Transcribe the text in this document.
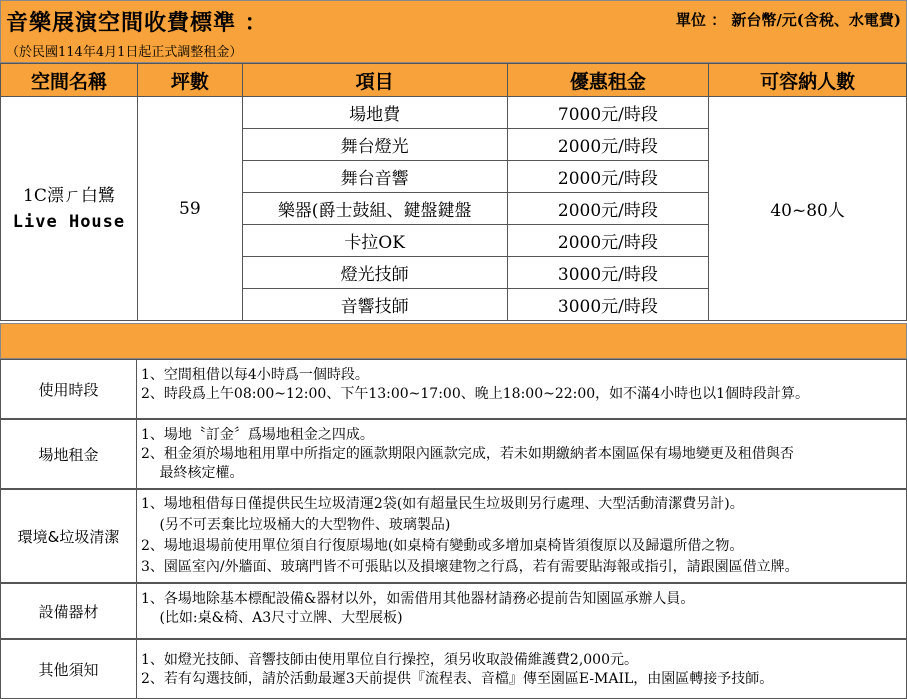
音樂展演空間收費標準 ：
（於民國114年4月1日起正式調整租金）
空間名稱	坪數	項目	優惠租金	可容納人數

1C漂ㄏ白鷺
Live House	59	場地費	7000元/時段	40~80人
		舞台燈光	2000元/時段	
		舞台音響	2000元/時段	
		樂器(爵士鼓組、鍵盤鍵盤	2000元/時段	
		卡拉OK	2000元/時段	
		燈光技師	3000元/時段	
		音響技師	3000元/時段	
單位 ： 新台幣/元(含稅、水電費)
使用時段
1、空間租借以每4小時爲一個時段。
2、時段爲上午08:00~12:00、下午13:00~17:00、晚上18:00~22:00，如不滿4小時也以1個時段計算。
場地租金
1、場地〝訂金〞爲場地租金之四成。
2、租金須於場地租用單中所指定的匯款期限內匯款完成，若未如期繳納者本園區保有場地變更及租借與否
　 最終核定權。
環境&垃圾清潔
1、場地租借每日僅提供民生垃圾清運2袋(如有超量民生垃圾則另行處理、大型活動清潔費另計)。
　 (另不可丟棄比垃圾桶大的大型物件、玻璃製品)
2、場地退場前使用單位須自行復原場地(如桌椅有變動或多增加桌椅皆須復原以及歸還所借之物。
3、園區室內/外牆面、玻璃門皆不可張貼以及損壞建物之行爲，若有需要貼海報或指引，請跟園區借立牌。
設備器材
1、各場地除基本標配設備&器材以外，如需借用其他器材請務必提前告知園區承辦人員。
　 (比如:桌&椅、A3尺寸立牌、大型展板)
其他須知
1、如燈光技師、音響技師由使用單位自行操控，須另收取設備維護費2,000元。
2、若有勾選技師，請於活動最遲3天前提供『流程表、音檔』傳至園區E-MAIL，由園區轉接予技師。
